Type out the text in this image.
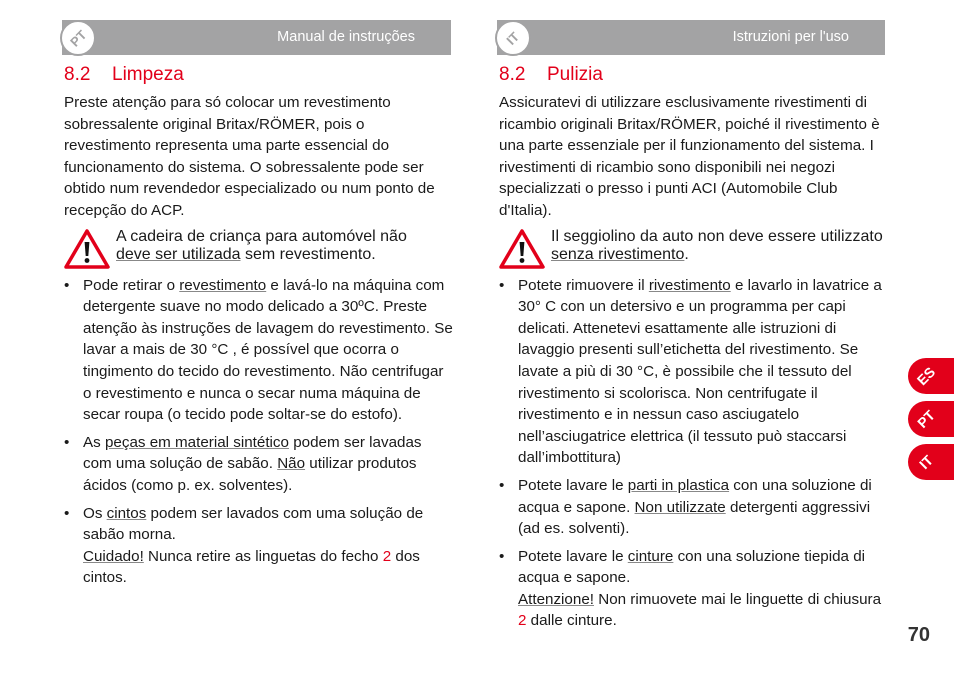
PT	Manual de instruções
8.2 Limpeza

Preste atenção para só colocar um revestimento sobressalente original Britax/RÖMER, pois o revestimento representa uma parte essencial do funcionamento do sistema. O sobressalente pode ser obtido num revendedor especializado ou num ponto de recepção do ACP.

A cadeira de criança para automóvel não
deve ser utilizada sem revestimento.
• Pode retirar o revestimento e lavá-lo na máquina com detergente suave no modo delicado a 30ºC. Preste atenção às instruções de lavagem do revestimento. Se lavar a mais de 30 °C , é possível que ocorra o tingimento do tecido do revestimento. Não centrifugar o revestimento e nunca o secar numa máquina de secar roupa (o tecido pode soltar-se do estofo).
• As peças em material sintético podem ser lavadas com uma solução de sabão. Não utilizar produtos ácidos (como p. ex. solventes).
• Os cintos podem ser lavados com uma solução de sabão morna.
Cuidado! Nunca retire as linguetas do fecho 2 dos cintos.
IT	Istruzioni per l'uso
8.2 Pulizia

Assicuratevi di utilizzare esclusivamente rivestimenti di ricambio originali Britax/RÖMER, poiché il rivestimento è una parte essenziale per il funzionamento del sistema. I rivestimenti di ricambio sono disponibili nei negozi specializzati o presso i punti ACI (Automobile Club d'Italia).

Il seggiolino da auto non deve essere utilizzato senza rivestimento.
• Potete rimuovere il rivestimento e lavarlo in lavatrice a 30° C con un detersivo e un programma per capi delicati. Attenetevi esattamente alle istruzioni di lavaggio presenti sull’etichetta del rivestimento. Se lavate a più di 30 °C, è possibile che il tessuto del rivestimento si scolorisca. Non centrifugate il rivestimento e in nessun caso asciugatelo nell’asciugatrice elettrica (il tessuto può staccarsi dall’imbottitura)
• Potete lavare le parti in plastica con una soluzione di acqua e sapone. Non utilizzate detergenti aggressivi (ad es. solventi).
• Potete lavare le cinture con una soluzione tiepida di acqua e sapone.
Attenzione! Non rimuovete mai le linguette di chiusura 2 dalle cinture.
ES
PT
IT
70
